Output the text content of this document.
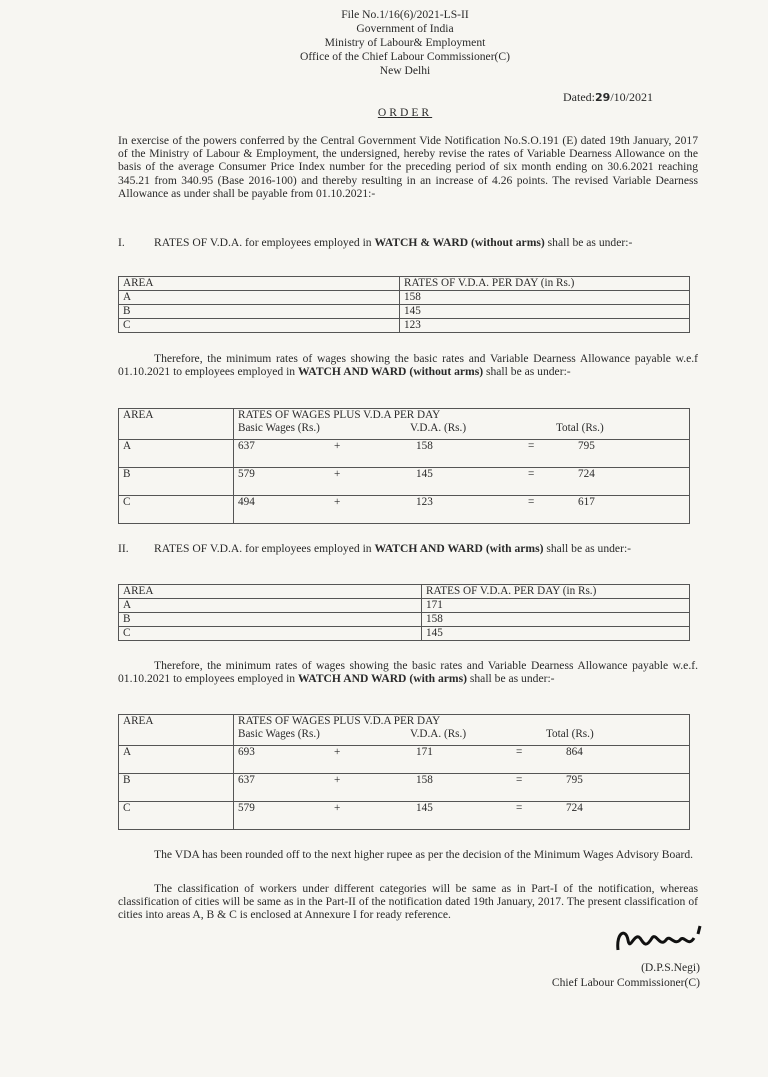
File No.1/16(6)/2021-LS-II
Government of India
Ministry of Labour& Employment
Office of the Chief Labour Commissioner(C)
New Delhi
Dated:29/10/2021
ORDER
In exercise of the powers conferred by the Central Government Vide Notification No.S.O.191 (E) dated 19th January, 2017 of the Ministry of Labour & Employment, the undersigned, hereby revise the rates of Variable Dearness Allowance on the basis of the average Consumer Price Index number for the preceding period of six month ending on 30.6.2021 reaching 345.21 from 340.95 (Base 2016-100) and thereby resulting in an increase of 4.26 points. The revised Variable Dearness Allowance as under shall be payable from 01.10.2021:-
I.	RATES OF V.D.A. for employees employed in WATCH & WARD (without arms) shall be as under:-
AREA	RATES OF V.D.A. PER DAY (in Rs.)
A	158
B	145
C	123
Therefore, the minimum rates of wages showing the basic rates and Variable Dearness Allowance payable w.e.f 01.10.2021 to employees employed in WATCH AND WARD (without arms) shall be as under:-
AREA	RATES OF WAGES PLUS V.D.A PER DAY
Basic Wages (Rs.) V.D.A. (Rs.) Total (Rs.)

A	637 + 158 = 795

B	579 + 145 = 724

C	494 + 123 = 617
II. RATES OF V.D.A. for employees employed in WATCH AND WARD (with arms) shall be as under:-
AREA	RATES OF V.D.A. PER DAY (in Rs.)
A	171
B	158
C	145
Therefore, the minimum rates of wages showing the basic rates and Variable Dearness Allowance payable w.e.f. 01.10.2021 to employees employed in WATCH AND WARD (with arms) shall be as under:-
AREA	RATES OF WAGES PLUS V.D.A PER DAY
Basic Wages (Rs.) V.D.A. (Rs.) Total (Rs.)

A	693 + 171 = 864

B	637 + 158 = 795

C	579 + 145 = 724
The VDA has been rounded off to the next higher rupee as per the decision of the Minimum Wages Advisory Board.
The classification of workers under different categories will be same as in Part-I of the notification, whereas classification of cities will be same as in the Part-II of the notification dated 19th January, 2017. The present classification of cities into areas A, B & C is enclosed at Annexure I for ready reference.
(D.P.S.Negi)
Chief Labour Commissioner(C)
